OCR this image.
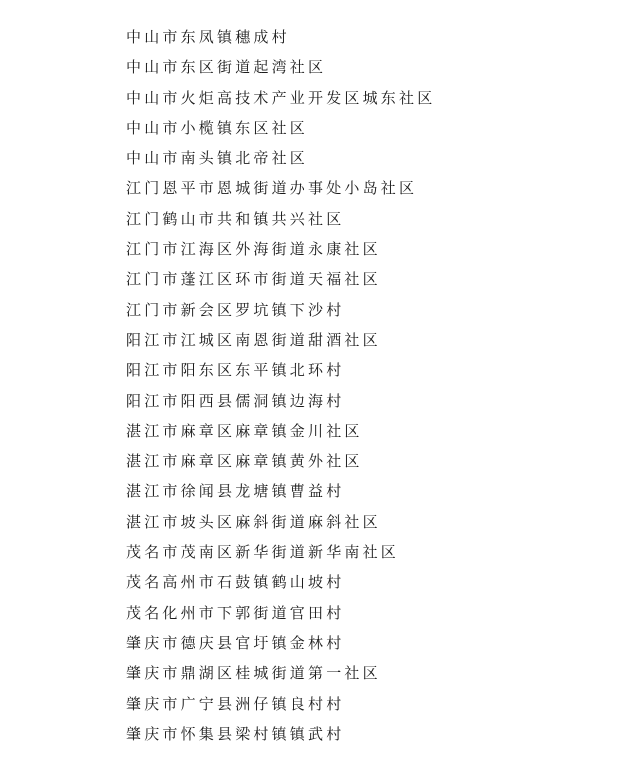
中山市东凤镇穗成村
中山市东区街道起湾社区
中山市火炬高技术产业开发区城东社区
中山市小榄镇东区社区
中山市南头镇北帝社区
江门恩平市恩城街道办事处小岛社区
江门鹤山市共和镇共兴社区
江门市江海区外海街道永康社区
江门市蓬江区环市街道天福社区
江门市新会区罗坑镇下沙村
阳江市江城区南恩街道甜酒社区
阳江市阳东区东平镇北环村
阳江市阳西县儒洞镇边海村
湛江市麻章区麻章镇金川社区
湛江市麻章区麻章镇黄外社区
湛江市徐闻县龙塘镇曹益村
湛江市坡头区麻斜街道麻斜社区
茂名市茂南区新华街道新华南社区
茂名高州市石鼓镇鹤山坡村
茂名化州市下郭街道官田村
肇庆市德庆县官圩镇金林村
肇庆市鼎湖区桂城街道第一社区
肇庆市广宁县洲仔镇良村村
肇庆市怀集县梁村镇镇武村
